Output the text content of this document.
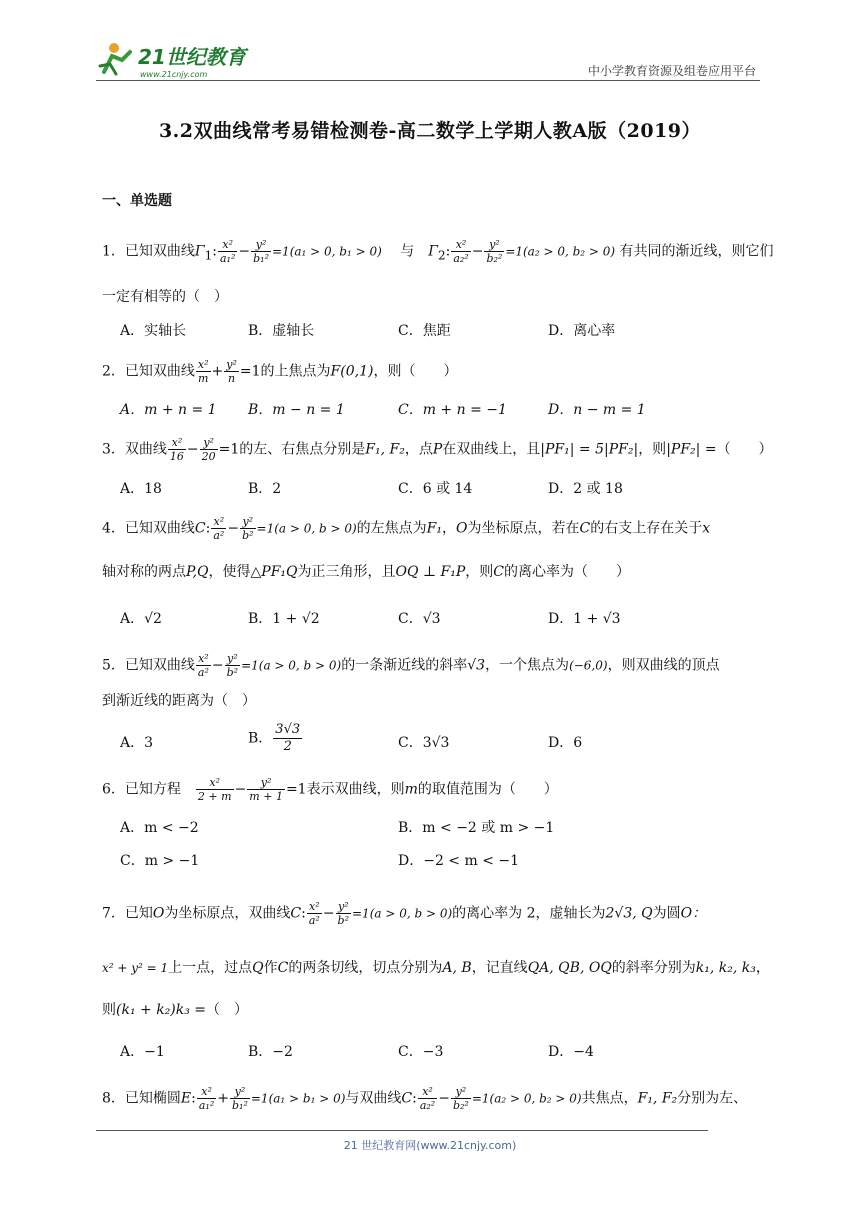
21世纪教育
www.21cnjy.com	中小学教育资源及组卷应用平台
3.2双曲线常考易错检测卷-高二数学上学期人教A版（2019）
一、单选题
1．已知双曲线$\Gamma_1$: $\frac{\text{x²}}{\text{a₁²}} - \frac{\text{y²}}{\text{b₁²}} =1(a_1 > 0$, b₁ > 0) 　 与　 $\Gamma_2$: $\frac{\text{x²}}{\text{a₂²}} - \frac{\text{y²}}{\text{b₂²}} =1(a_2 > 0$, b₂ > 0) 有共同的渐近线，则它们
一定有相等的（　）
A．实轴长	B．虚轴长	C．焦距	D．离心率
2．已知双曲线 $\frac{\text{x²}}{m} + \frac{\text{y²}}{n} =1$的上焦点为F(0,1)，则（　　）
A．m + n = 1 B．m − n = 1	C．m + n = −1	D．n − m = 1
3．双曲线 $\frac{\text{x²}}{16} - \frac{\text{y²}}{20} =1$的左、右焦点分别是F₁, F₂，点P在双曲线上，且|PF₁| = 5|PF₂|，则|PF₂| =（　　）
A．18	B．2	C．6 或 14	D．2 或 18
4．已知双曲线C: $\frac{\text{x²}}{\text{a²}} - \frac{\text{y²}}{\text{b²}} =1(a > 0$, b > 0)的左焦点为F₁，O为坐标原点，若在C的右支上存在关于x
轴对称的两点P,Q，使得△PF₁Q为正三角形，且OQ ⊥ F₁P，则C的离心率为（　　）
A．√2	B．1 + √2	C．√3	D．1 + √3
5．已知双曲线 $\frac{\text{x²}}{\text{a²}} - \frac{\text{y²}}{\text{b²}} =1(a > 0$, b > 0)的一条渐近线的斜率√3，一个焦点为(−6,0)，则双曲线的顶点
到渐近线的距离为（　）
A．3	B． $\frac{3√3}{2}$	C．3√3	D．6
6．已知方程　 $\frac{\text{x²}}{2 + m} - \frac{\text{y²}}{m + 1} =1$表示双曲线，则m的取值范围为（　　）
A．m < −2	B．m < −2 或 m > −1
C．m > −1	D．−2 < m < −1
7．已知O为坐标原点，双曲线C: $\frac{\text{x²}}{\text{a²}} - \frac{\text{y²}}{\text{b²}} =1(a > 0$, b > 0)的离心率为 2，虚轴长为2√3, Q为圆O：
x² + y² = 1上一点，过点Q作C的两条切线，切点分别为A, B，记直线QA, QB, OQ的斜率分别为k₁, k₂, k₃，
则(k₁ + k₂)k₃ =（　）
A．−1	B．−2	C．−3	D．−4
8．已知椭圆E: $\frac{\text{x²}}{\text{a₁²}} + \frac{\text{y²}}{\text{b₁²}} =1(a_1 > b_1 > 0)$与双曲线C: $\frac{\text{x²}}{\text{a₂²}} - \frac{\text{y²}}{\text{b₂²}} =1(a_2 > 0$, b₂ > 0)共焦点，F₁, F₂分别为左、
21 世纪教育网(www.21cnjy.com)
